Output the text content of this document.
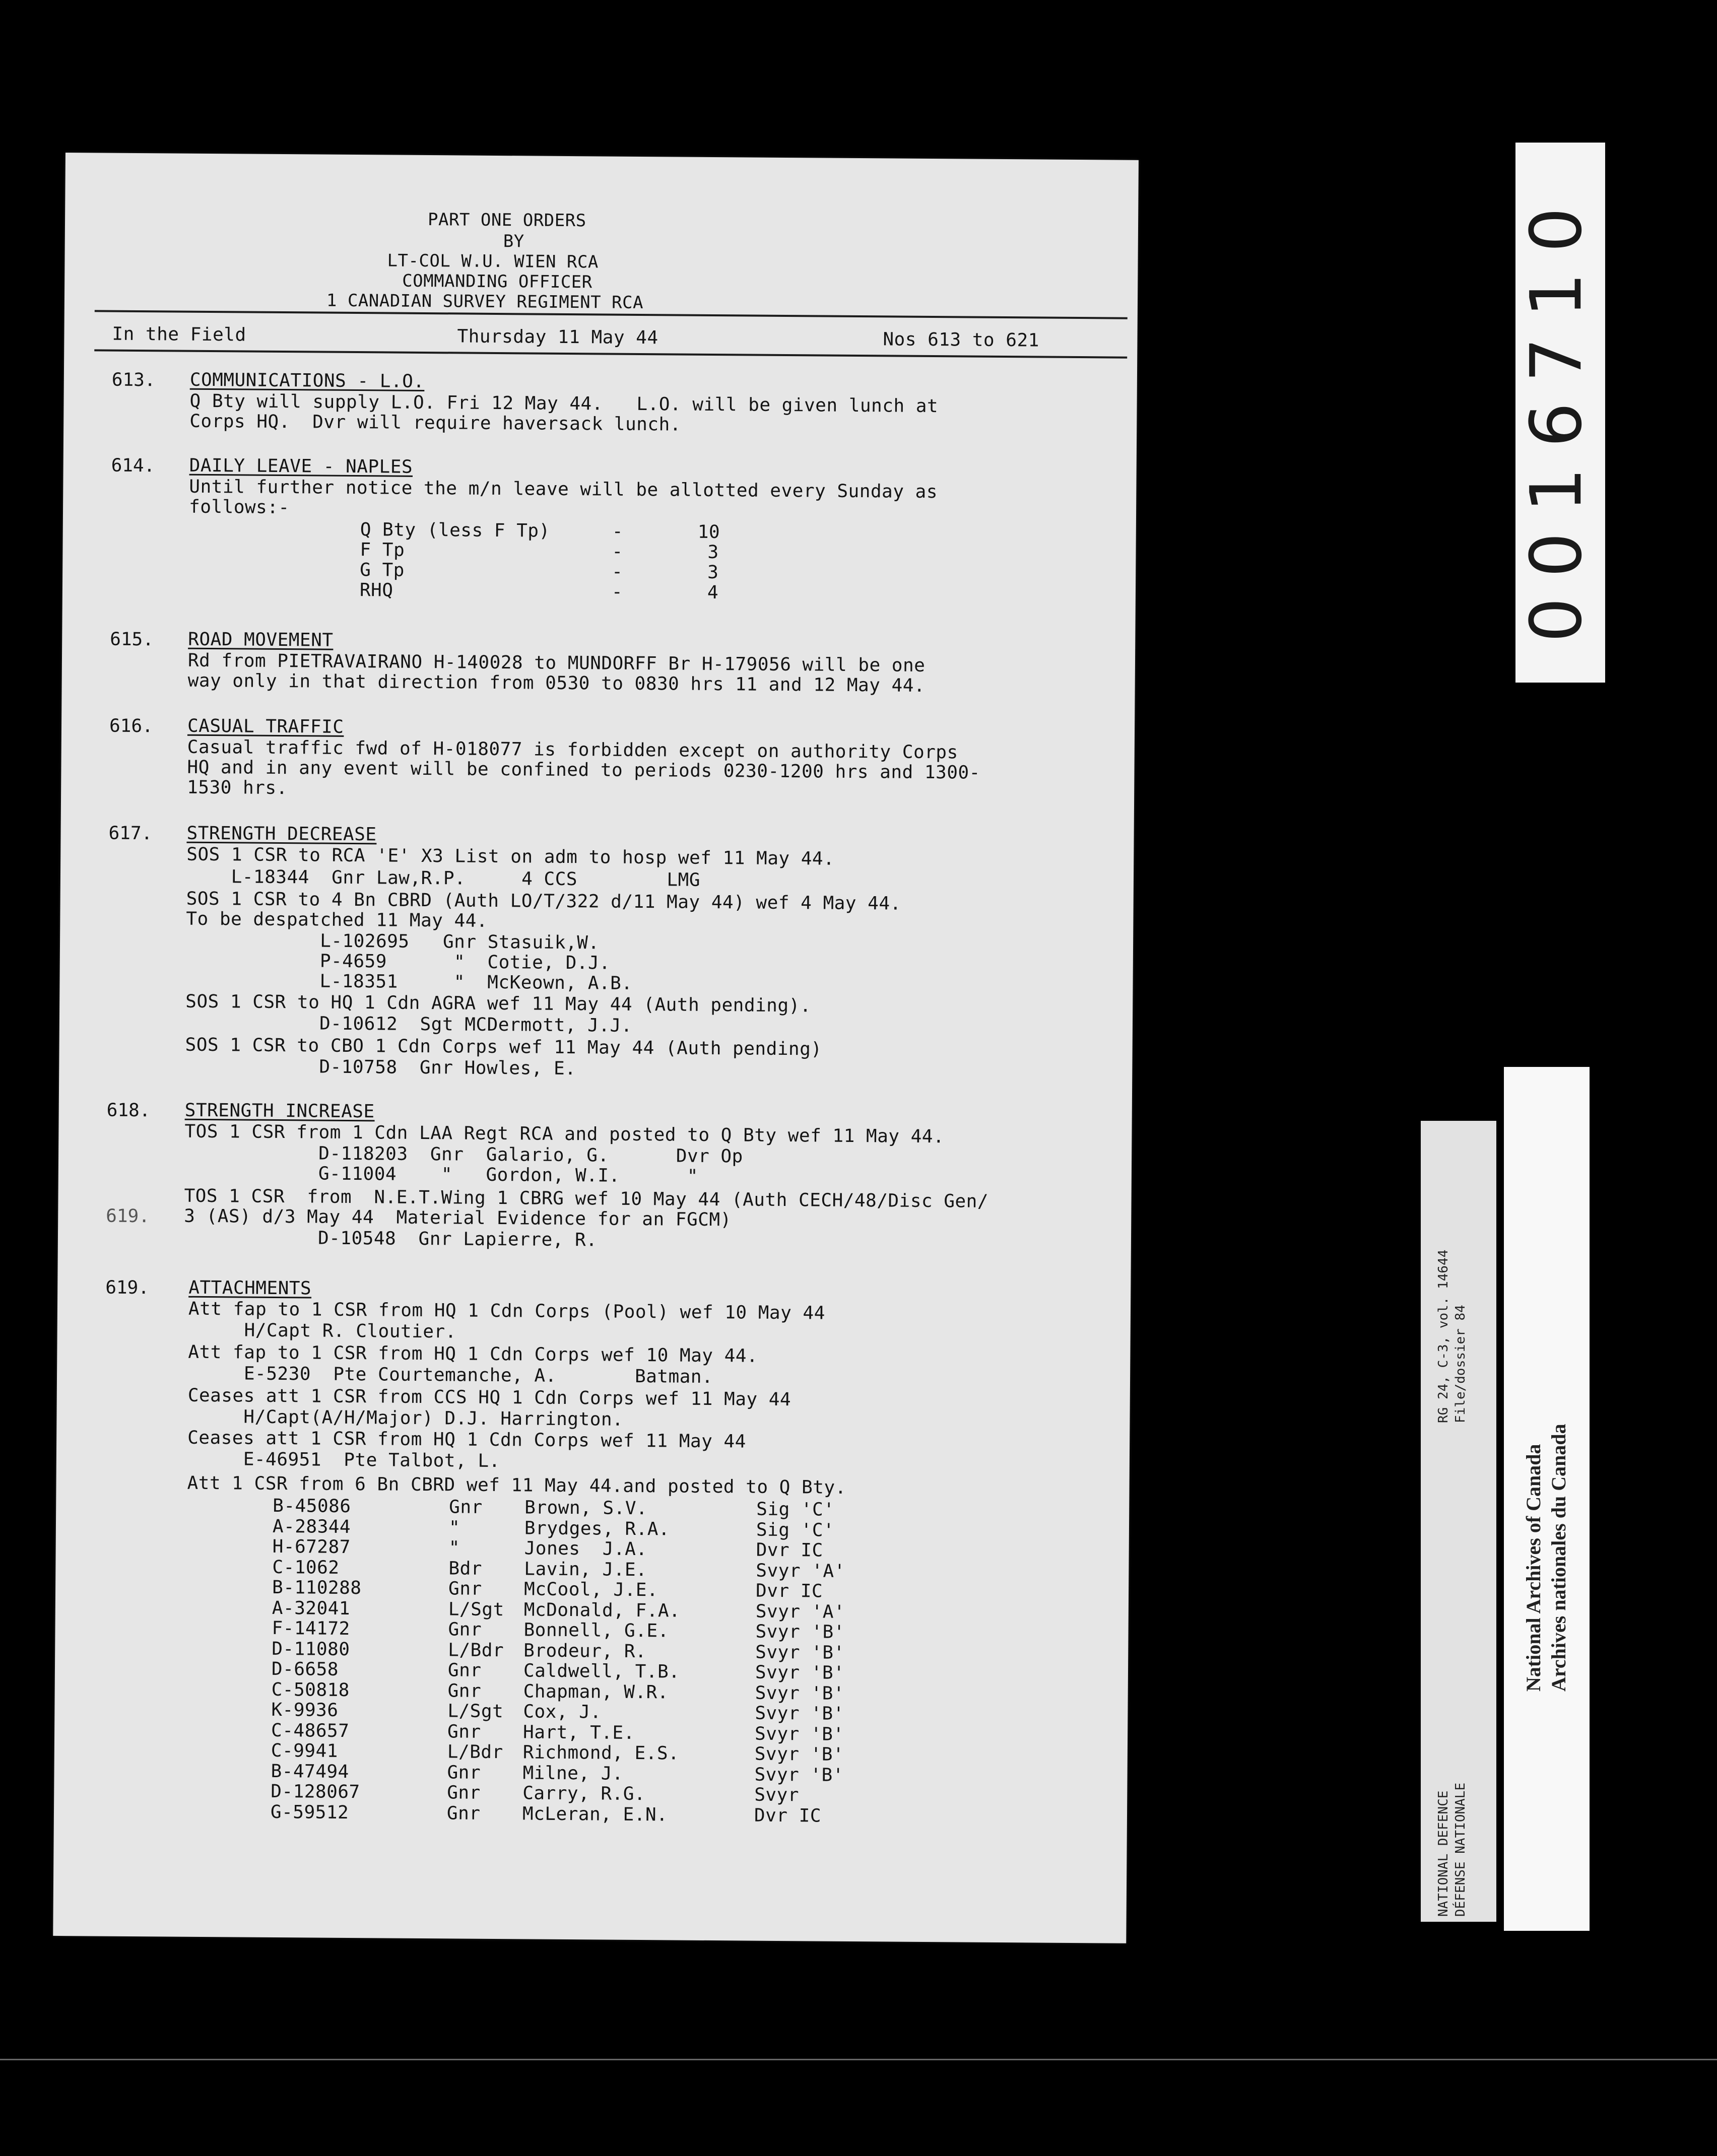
PART ONE ORDERS
BY
LT-COL W.U. WIEN RCA
COMMANDING OFFICER
1 CANADIAN SURVEY REGIMENT RCA
In the Field	Thursday 11 May 44	Nos 613 to 621
613. COMMUNICATIONS - L.O.
Q Bty will supply L.O. Fri 12 May 44.   L.O. will be given lunch at
Corps HQ.  Dvr will require haversack lunch.
614. DAILY LEAVE - NAPLES
Until further notice the m/n leave will be allotted every Sunday as
follows:-
Q Bty (less F Tp)	-	10
F Tp	-	3
G Tp	-	3
RHQ	-	4
615. ROAD MOVEMENT
Rd from PIETRAVAIRANO H-140028 to MUNDORFF Br H-179056 will be one
way only in that direction from 0530 to 0830 hrs 11 and 12 May 44.
616. CASUAL TRAFFIC
Casual traffic fwd of H-018077 is forbidden except on authority Corps
HQ and in any event will be confined to periods 0230-1200 hrs and 1300-
1530 hrs.
617. STRENGTH DECREASE
SOS 1 CSR to RCA 'E' X3 List on adm to hosp wef 11 May 44.
L-18344  Gnr Law,R.P.     4 CCS        LMG
SOS 1 CSR to 4 Bn CBRD (Auth LO/T/322 d/11 May 44) wef 4 May 44.
To be despatched 11 May 44.
L-102695   Gnr Stasuik,W.
P-4659      "  Cotie, D.J.
L-18351     "  McKeown, A.B.
SOS 1 CSR to HQ 1 Cdn AGRA wef 11 May 44 (Auth pending).
D-10612  Sgt MCDermott, J.J.
SOS 1 CSR to CBO 1 Cdn Corps wef 11 May 44 (Auth pending)
D-10758  Gnr Howles, E.
618. STRENGTH INCREASE
TOS 1 CSR from 1 Cdn LAA Regt RCA and posted to Q Bty wef 11 May 44.
D-118203  Gnr  Galario, G.      Dvr Op
G-11004    "   Gordon, W.I.      "
TOS 1 CSR  from  N.E.T.Wing 1 CBRG wef 10 May 44 (Auth CECH/48/Disc Gen/
619. 3 (AS) d/3 May 44  Material Evidence for an FGCM)
D-10548  Gnr Lapierre, R.
619. ATTACHMENTS
Att fap to 1 CSR from HQ 1 Cdn Corps (Pool) wef 10 May 44
H/Capt R. Cloutier.
Att fap to 1 CSR from HQ 1 Cdn Corps wef 10 May 44.
E-5230  Pte Courtemanche, A.       Batman.
Ceases att 1 CSR from CCS HQ 1 Cdn Corps wef 11 May 44
H/Capt(A/H/Major) D.J. Harrington.
Ceases att 1 CSR from HQ 1 Cdn Corps wef 11 May 44
E-46951  Pte Talbot, L.
Att 1 CSR from 6 Bn CBRD wef 11 May 44.and posted to Q Bty.
B-45086	Gnr Brown, S.V.	Sig 'C'
A-28344	"	Brydges, R.A.	Sig 'C'
H-67287	"	Jones  J.A.	Dvr IC
C-1062	Bdr Lavin, J.E.	Svyr 'A'
B-110288	Gnr McCool, J.E.	Dvr IC
A-32041	L/Sgt McDonald, F.A.	Svyr 'A'
F-14172	Gnr Bonnell, G.E.	Svyr 'B'
D-11080	L/Bdr Brodeur, R.	Svyr 'B'
D-6658	Gnr Caldwell, T.B.	Svyr 'B'
C-50818	Gnr Chapman, W.R.	Svyr 'B'
K-9936	L/Sgt Cox, J.	Svyr 'B'
C-48657	Gnr Hart, T.E.	Svyr 'B'
C-9941	L/Bdr Richmond, E.S.	Svyr 'B'
B-47494	Gnr Milne, J.	Svyr 'B'
D-128067	Gnr Carry, R.G.	Svyr
G-59512	Gnr McLeran, E.N.	Dvr IC
0016710
RG 24, C-3, vol. 14644 File/dossier 84
NATIONAL DEFENCE DÉFENSE NATIONALE
National Archives of Canada Archives nationales du Canada
